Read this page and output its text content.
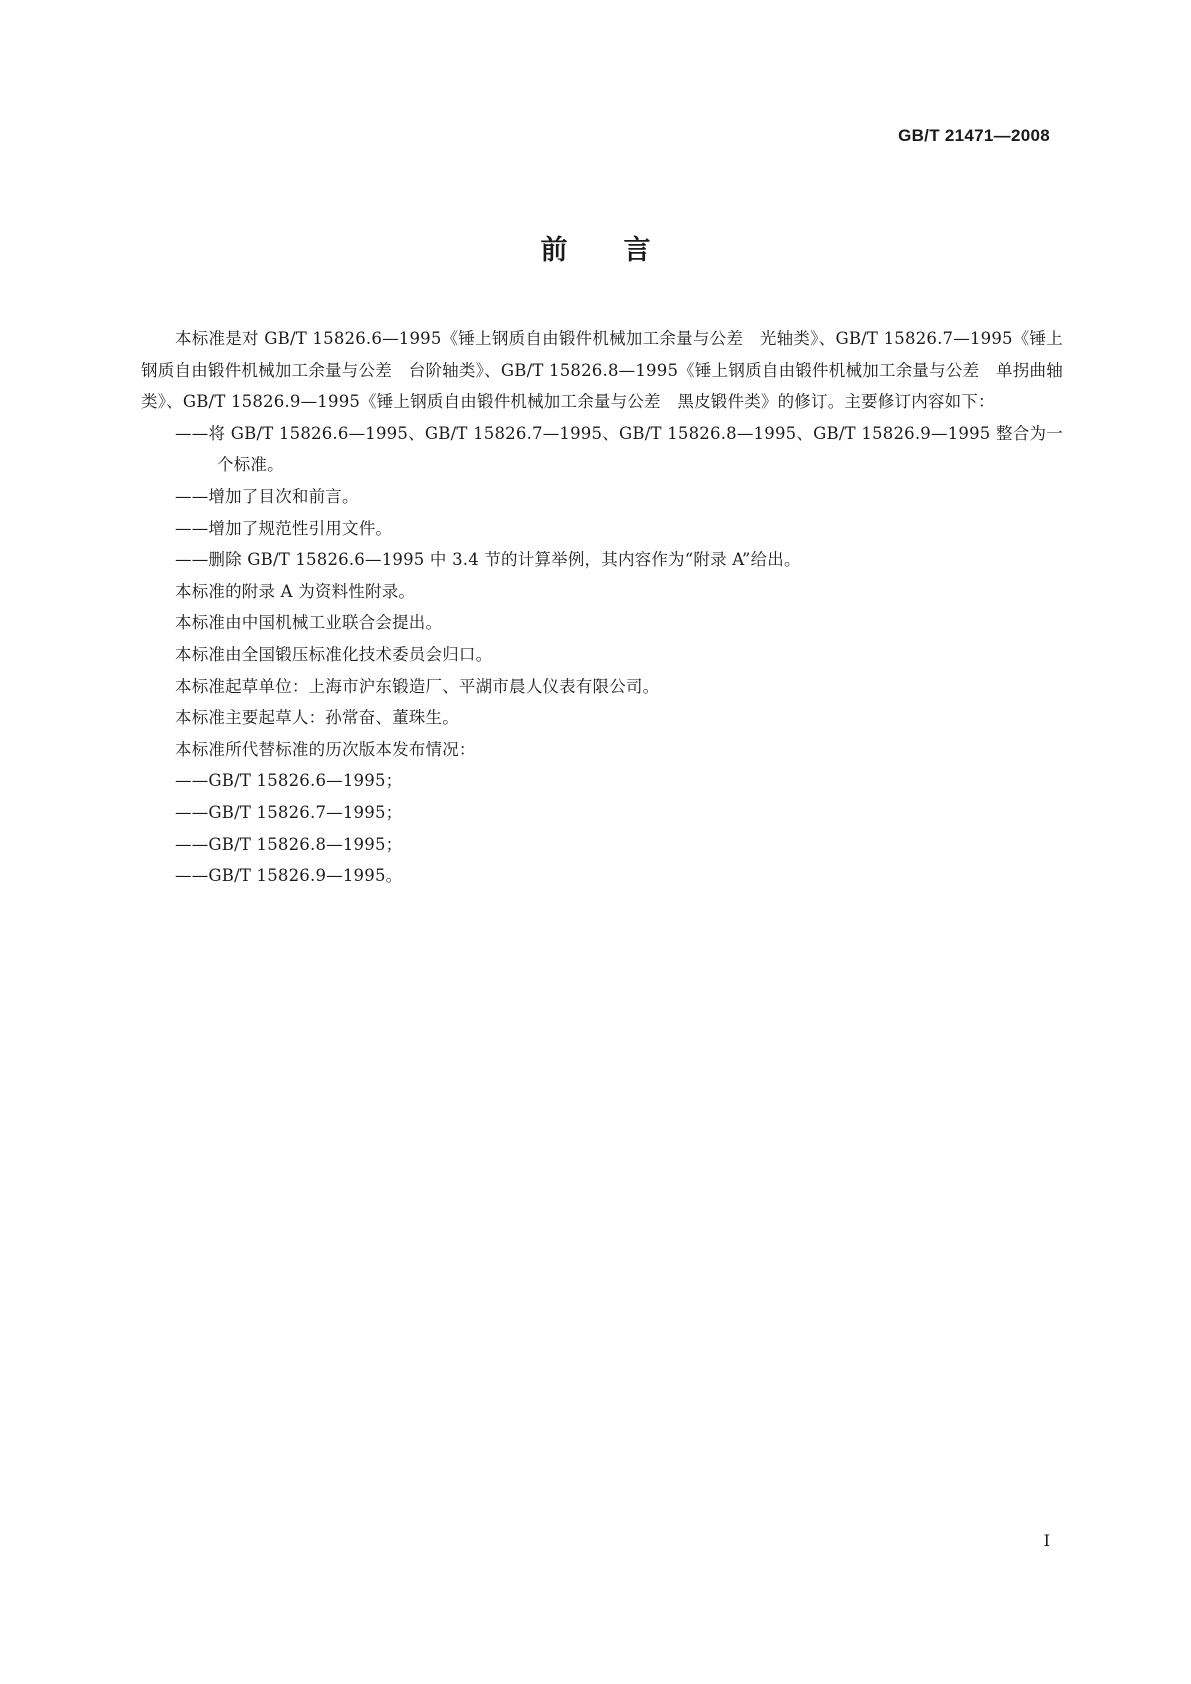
GB/T 21471—2008
前言

本标准是对 GB/T 15826.6—1995《锤上钢质自由锻件机械加工余量与公差　光轴类》、GB/T 15826.7—1995《锤上钢质自由锻件机械加工余量与公差　台阶轴类》、GB/T 15826.8—1995《锤上钢质自由锻件机械加工余量与公差　单拐曲轴类》、GB/T 15826.9—1995《锤上钢质自由锻件机械加工余量与公差　黑皮锻件类》的修订。主要修订内容如下：

——将 GB/T 15826.6—1995、GB/T 15826.7—1995、GB/T 15826.8—1995、GB/T 15826.9—1995 整合为一个标准。

——增加了目次和前言。

——增加了规范性引用文件。

——删除 GB/T 15826.6—1995 中 3.4 节的计算举例，其内容作为“附录 A”给出。

本标准的附录 A 为资料性附录。

本标准由中国机械工业联合会提出。

本标准由全国锻压标准化技术委员会归口。

本标准起草单位：上海市沪东锻造厂、平湖市晨人仪表有限公司。

本标准主要起草人：孙常奋、董珠生。

本标准所代替标准的历次版本发布情况：

——GB/T 15826.6—1995；

——GB/T 15826.7—1995；

——GB/T 15826.8—1995；

——GB/T 15826.9—1995。

I
